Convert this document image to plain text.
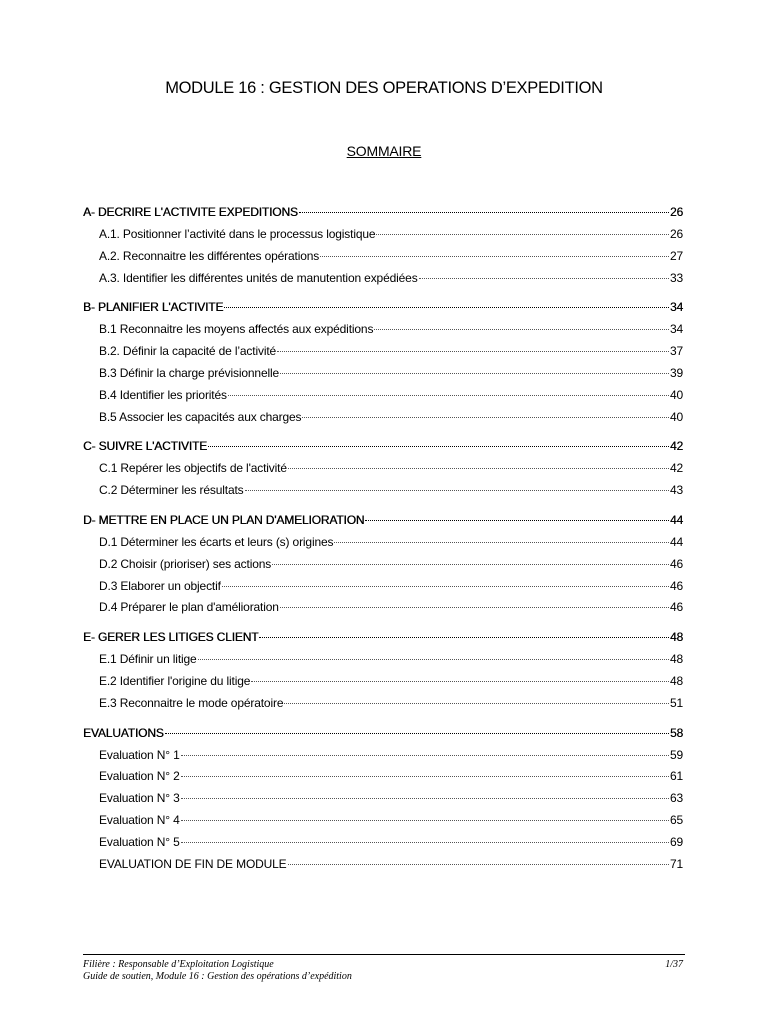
MODULE 16 : GESTION DES OPERATIONS D’EXPEDITION
SOMMAIRE
A- DECRIRE L'ACTIVITE EXPEDITIONS	26
A.1. Positionner l’activité dans le processus logistique	26
A.2. Reconnaitre les différentes opérations	27
A.3. Identifier les différentes unités de manutention expédiées	33
B- PLANIFIER L'ACTIVITE	34
B.1 Reconnaitre les moyens affectés aux expéditions	34
B.2. Définir la capacité de l’activité	37
B.3 Définir la charge prévisionnelle	39
B.4 Identifier les priorités	40
B.5 Associer les capacités aux charges	40
C- SUIVRE L'ACTIVITE	42
C.1 Repérer les objectifs de l'activité	42
C.2 Déterminer les résultats	43
D- METTRE EN PLACE UN PLAN D'AMELIORATION	44
D.1 Déterminer les écarts et leurs (s) origines	44
D.2 Choisir (prioriser) ses actions	46
D.3 Elaborer un objectif	46
D.4 Préparer le plan d'amélioration	46
E- GERER LES LITIGES CLIENT	48
E.1 Définir un litige	48
E.2 Identifier l'origine du litige	48
E.3 Reconnaitre le mode opératoire	51
EVALUATIONS	58
Evaluation N° 1	59
Evaluation N° 2	61
Evaluation N° 3	63
Evaluation N° 4	65
Evaluation N° 5	69
EVALUATION DE FIN DE MODULE	71
Filière : Responsable d’Exploitation Logistique	1/37
Guide de soutien, Module 16 : Gestion des opérations d’expédition
